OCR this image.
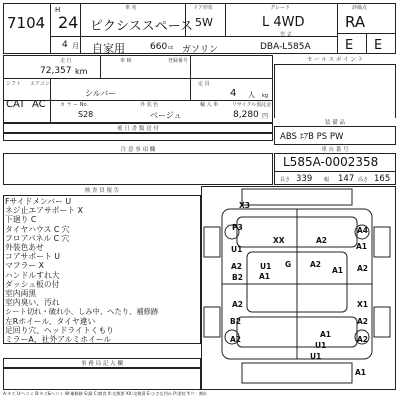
7104
H
24
4 月
車 名
ピクシススペース
ドア形状
5W
グレード
L 4WD
評価点
RA
自家用	660 cc ガソリン
型 式
DBA-L585A	E E
走 行
72,357 km
車 検	登録番号
シフト エアコン
CAT AC
シルバー
カ ラ ー No.	外 装 色
S28	ベージュ
定 員
4 人 kg
輸 入 車	リサイクル預託金
8,280 円
後 日 書 類 送 付
セ ー ル ス ポ イ ン ト
装 備 品
ABS ｴｱB PS PW
注 意 事 項 欄	車 台 番 号
L585A-0002358
長さ 339 幅 147 高さ 165
検 査 員 報 告
Fサイドメンバー U
ネジ止エアサポート X
下廻り C
タイヤハウス C 穴
フロアパネル C 穴
外装色あせ
コアサポート U
マフラー X
ハンドルすれ大
ダッシュ板の付
室内両黒
室内臭い、汚れ
シート切れ・破れ小、しみ中、へたり、補修跡
左Rホイール、タイヤ違い
足回り穴、ヘッドライトくもり
ミラーA、社外アルミホイール
事 務 局 記 入 欄
X3
P3
XX	A2
A4
U1	A1
A2 U1
A1
G	A2
B2
A1 A2
A2	X1
B2	A2
A2
A1
U1
A2
A1
U1
A:キズ U:ヘコミ B:キズ&ヘコミ W:補修跡 S:錆 C:腐食 X:交換要 XX:交換済 E:小さな凹み P:塗装 Y:穴・割れ
